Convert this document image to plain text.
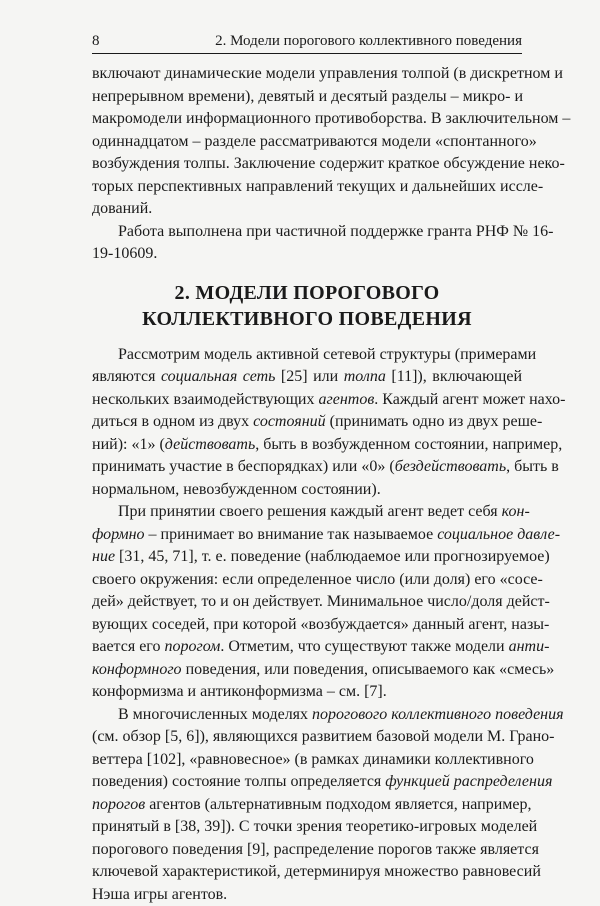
8	2. Модели порогового коллективного поведения
включают динамические модели управления толпой (в дискретном и
непрерывном времени), девятый и десятый разделы – микро- и
макромодели информационного противоборства. В заключительном –
одиннадцатом – разделе рассматриваются модели «спонтанного»
возбуждения толпы. Заключение содержит краткое обсуждение неко-
торых перспективных направлений текущих и дальнейших иссле-
дований.
Работа выполнена при частичной поддержке гранта РНФ № 16-
19-10609.
2. МОДЕЛИ ПОРОГОВОГО
КОЛЛЕКТИВНОГО ПОВЕДЕНИЯ
Рассмотрим модель активной сетевой структуры (примерами
являются социальная сеть [25] или толпа [11]), включающей
нескольких взаимодействующих агентов. Каждый агент может нахо-
диться в одном из двух состояний (принимать одно из двух реше-
ний): «1» (действовать, быть в возбужденном состоянии, например,
принимать участие в беспорядках) или «0» (бездействовать, быть в
нормальном, невозбужденном состоянии).
При принятии своего решения каждый агент ведет себя кон-
формно – принимает во внимание так называемое социальное давле-
ние [31, 45, 71], т. е. поведение (наблюдаемое или прогнозируемое)
своего окружения: если определенное число (или доля) его «сосе-
дей» действует, то и он действует. Минимальное число/доля дейст-
вующих соседей, при которой «возбуждается» данный агент, назы-
вается его порогом. Отметим, что существуют также модели анти-
конформного поведения, или поведения, описываемого как «смесь»
конформизма и антиконформизма – см. [7].
В многочисленных моделях порогового коллективного поведения
(см. обзор [5, 6]), являющихся развитием базовой модели М. Грано-
веттера [102], «равновесное» (в рамках динамики коллективного
поведения) состояние толпы определяется функцией распределения
порогов агентов (альтернативным подходом является, например,
принятый в [38, 39]). С точки зрения теоретико-игровых моделей
порогового поведения [9], распределение порогов также является
ключевой характеристикой, детерминируя множество равновесий
Нэша игры агентов.
